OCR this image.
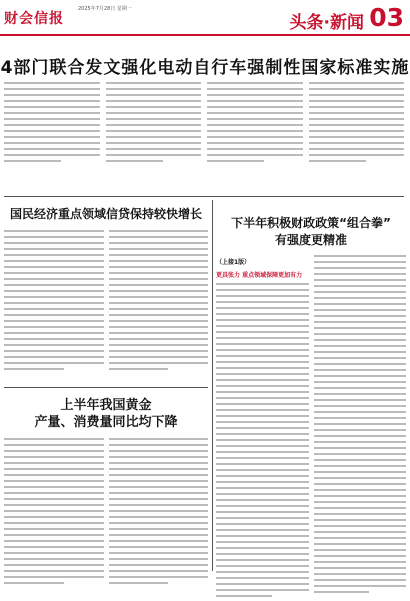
财会信报
2025年7月28日 星期一
头条·新闻 03
4部门联合发文强化电动自行车强制性国家标准实施
国民经济重点领域信贷保持较快增长
上半年我国黄金
产量、消费量同比均下降
下半年积极财政政策“组合拳”
有强度更精准
（上接1版）
更具张力 重点领域保障更加有力
